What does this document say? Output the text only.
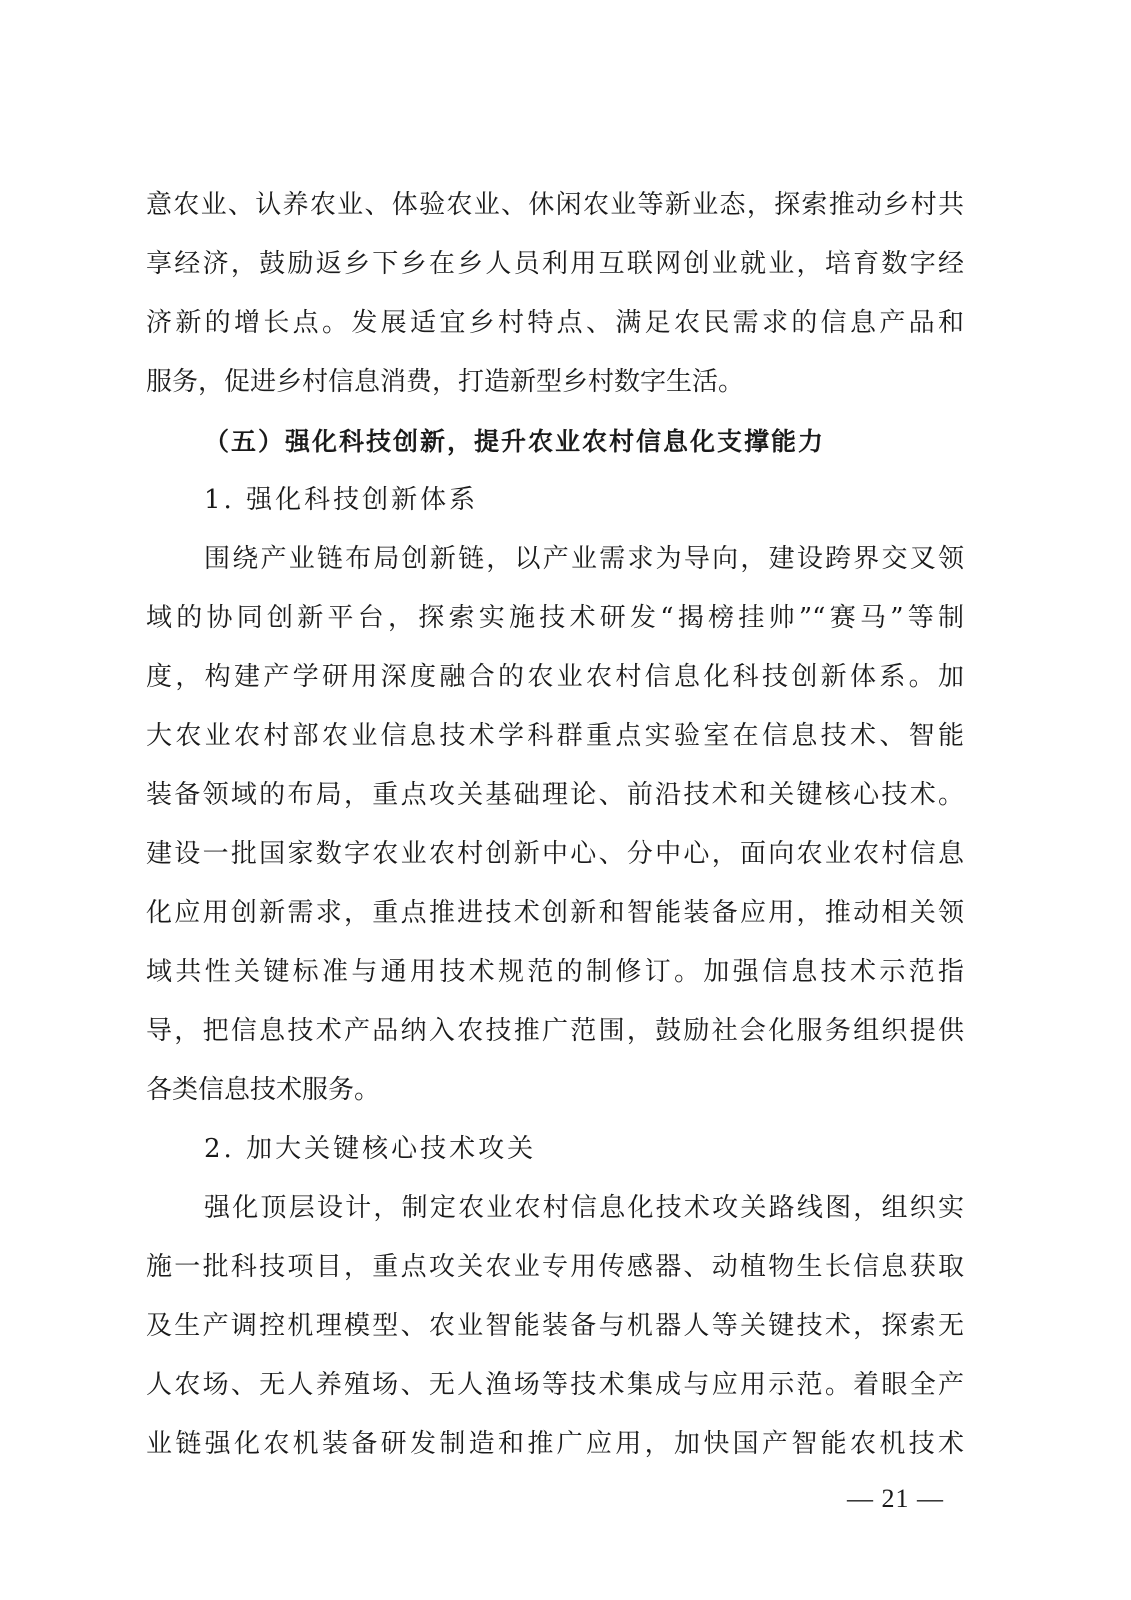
意农业、认养农业、体验农业、休闲农业等新业态，探索推动乡村共
享经济，鼓励返乡下乡在乡人员利用互联网创业就业，培育数字经
济新的增长点。发展适宜乡村特点、满足农民需求的信息产品和
服务，促进乡村信息消费，打造新型乡村数字生活。
（五）强化科技创新，提升农业农村信息化支撑能力
1. 强化科技创新体系
围绕产业链布局创新链，以产业需求为导向，建设跨界交叉领
域的协同创新平台，探索实施技术研发“揭榜挂帅”“赛马”等制
度，构建产学研用深度融合的农业农村信息化科技创新体系。加
大农业农村部农业信息技术学科群重点实验室在信息技术、智能
装备领域的布局，重点攻关基础理论、前沿技术和关键核心技术。
建设一批国家数字农业农村创新中心、分中心，面向农业农村信息
化应用创新需求，重点推进技术创新和智能装备应用，推动相关领
域共性关键标准与通用技术规范的制修订。加强信息技术示范指
导，把信息技术产品纳入农技推广范围，鼓励社会化服务组织提供
各类信息技术服务。
2. 加大关键核心技术攻关
强化顶层设计，制定农业农村信息化技术攻关路线图，组织实
施一批科技项目，重点攻关农业专用传感器、动植物生长信息获取
及生产调控机理模型、农业智能装备与机器人等关键技术，探索无
人农场、无人养殖场、无人渔场等技术集成与应用示范。着眼全产
业链强化农机装备研发制造和推广应用，加快国产智能农机技术
— 21 —
